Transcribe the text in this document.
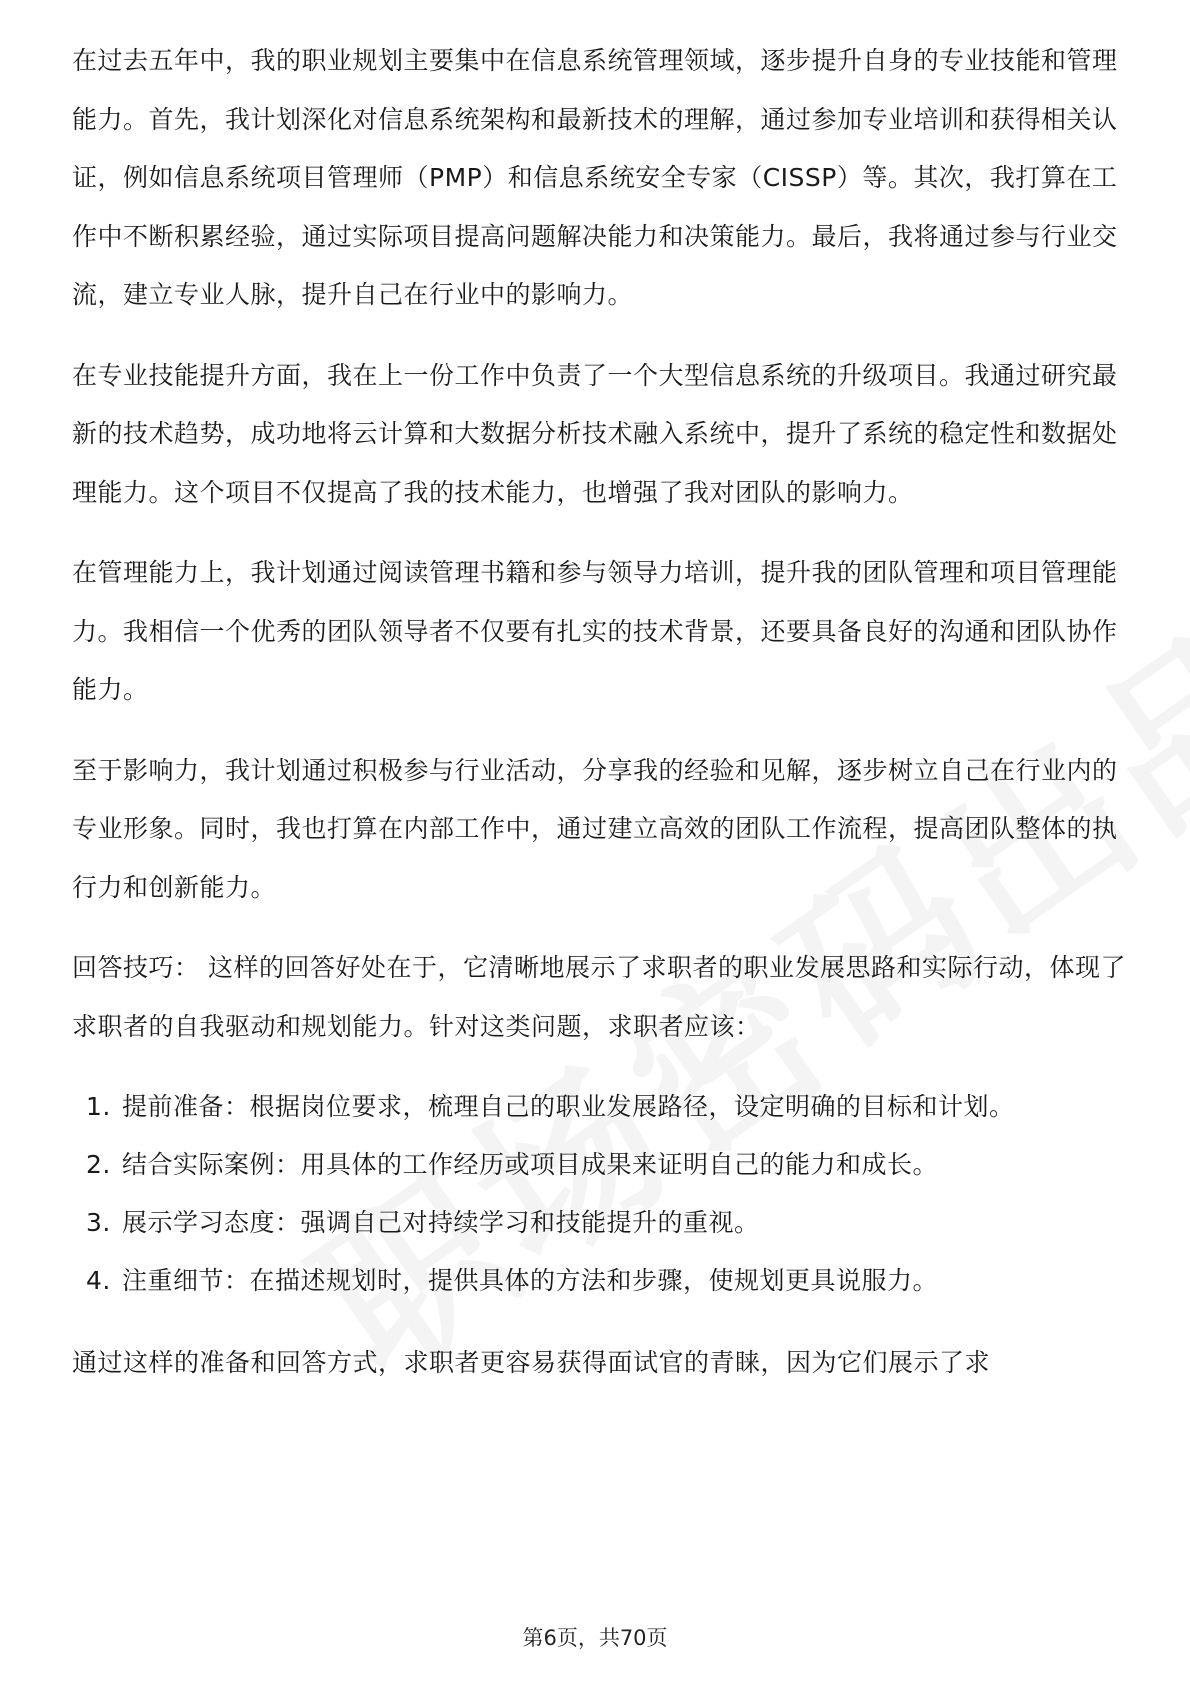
在过去五年中，我的职业规划主要集中在信息系统管理领域，逐步提升自身的专业技能和管理能力。首先，我计划深化对信息系统架构和最新技术的理解，通过参加专业培训和获得相关认证，例如信息系统项目管理师（PMP）和信息系统安全专家（CISSP）等。其次，我打算在工作中不断积累经验，通过实际项目提高问题解决能力和决策能力。最后，我将通过参与行业交流，建立专业人脉，提升自己在行业中的影响力。

在专业技能提升方面，我在上一份工作中负责了一个大型信息系统的升级项目。我通过研究最新的技术趋势，成功地将云计算和大数据分析技术融入系统中，提升了系统的稳定性和数据处理能力。这个项目不仅提高了我的技术能力，也增强了我对团队的影响力。

在管理能力上，我计划通过阅读管理书籍和参与领导力培训，提升我的团队管理和项目管理能力。我相信一个优秀的团队领导者不仅要有扎实的技术背景，还要具备良好的沟通和团队协作能力。

至于影响力，我计划通过积极参与行业活动，分享我的经验和见解，逐步树立自己在行业内的专业形象。同时，我也打算在内部工作中，通过建立高效的团队工作流程，提高团队整体的执行力和创新能力。

回答技巧： 这样的回答好处在于，它清晰地展示了求职者的职业发展思路和实际行动，体现了求职者的自我驱动和规划能力。针对这类问题，求职者应该：

1. 提前准备：根据岗位要求，梳理自己的职业发展路径，设定明确的目标和计划。
2. 结合实际案例：用具体的工作经历或项目成果来证明自己的能力和成长。
3. 展示学习态度：强调自己对持续学习和技能提升的重视。
4. 注重细节：在描述规划时，提供具体的方法和步骤，使规划更具说服力。

通过这样的准备和回答方式，求职者更容易获得面试官的青睐，因为它们展示了求

第6页，共70页
